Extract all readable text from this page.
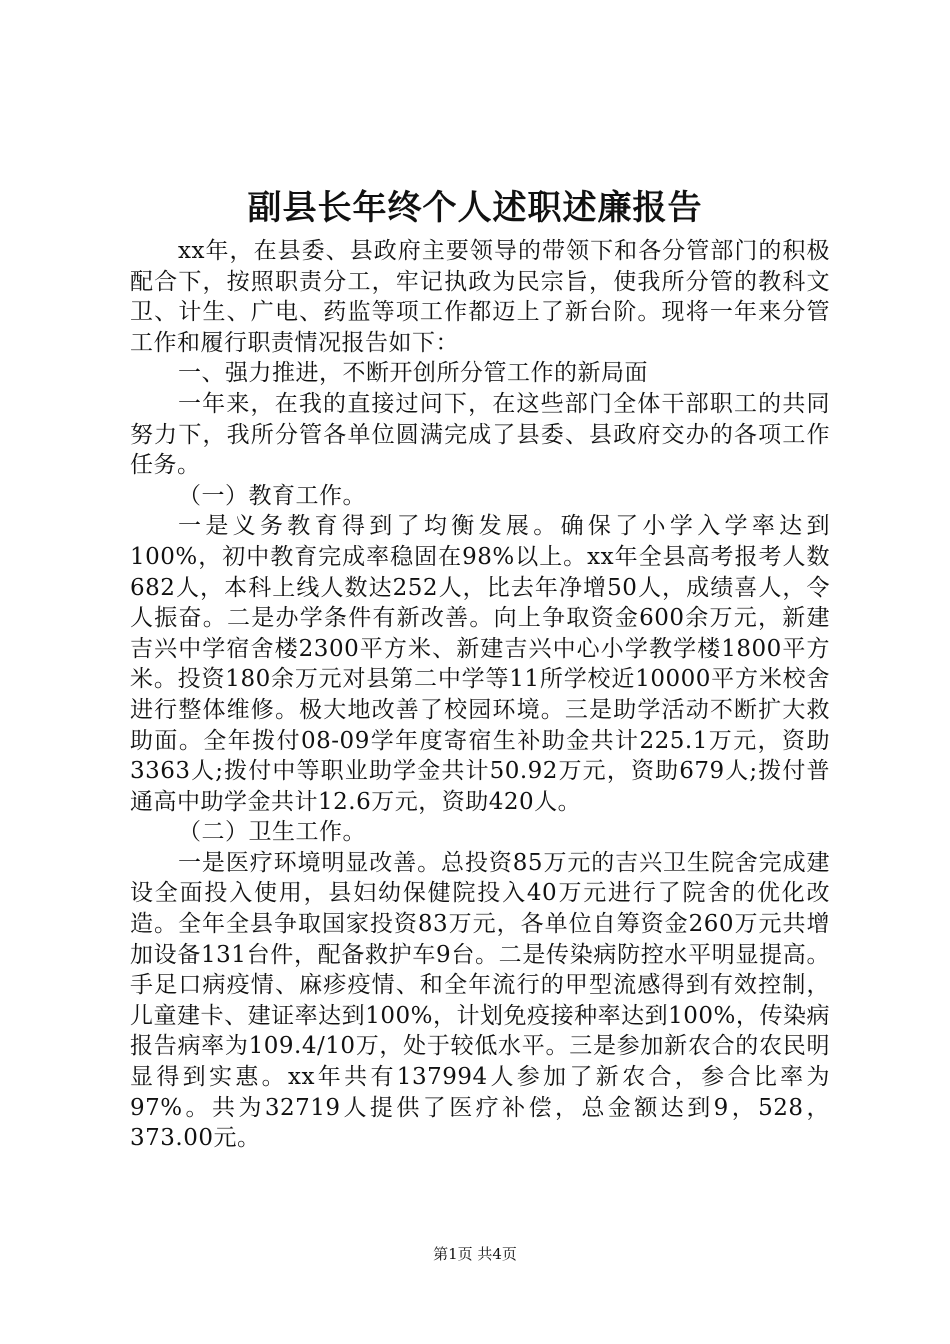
副县长年终个人述职述廉报告

xx年，在县委、县政府主要领导的带领下和各分管部门的积极配合下，按照职责分工，牢记执政为民宗旨，使我所分管的教科文卫、计生、广电、药监等项工作都迈上了新台阶。现将一年来分管工作和履行职责情况报告如下：

一、强力推进，不断开创所分管工作的新局面

一年来，在我的直接过问下，在这些部门全体干部职工的共同努力下，我所分管各单位圆满完成了县委、县政府交办的各项工作任务。

（一）教育工作。

一是义务教育得到了均衡发展。确保了小学入学率达到100%，初中教育完成率稳固在98%以上。xx年全县高考报考人数682人，本科上线人数达252人，比去年净增50人，成绩喜人，令人振奋。二是办学条件有新改善。向上争取资金600余万元，新建吉兴中学宿舍楼2300平方米、新建吉兴中心小学教学楼1800平方米。投资180余万元对县第二中学等11所学校近10000平方米校舍进行整体维修。极大地改善了校园环境。三是助学活动不断扩大救助面。全年拨付08-09学年度寄宿生补助金共计225.1万元，资助3363人;拨付中等职业助学金共计50.92万元，资助679人;拨付普通高中助学金共计12.6万元，资助420人。

（二）卫生工作。

一是医疗环境明显改善。总投资85万元的吉兴卫生院舍完成建设全面投入使用，县妇幼保健院投入40万元进行了院舍的优化改造。全年全县争取国家投资83万元，各单位自筹资金260万元共增加设备131台件，配备救护车9台。二是传染病防控水平明显提高。手足口病疫情、麻疹疫情、和全年流行的甲型流感得到有效控制，儿童建卡、建证率达到100%，计划免疫接种率达到100%，传染病报告病率为109.4/10万，处于较低水平。三是参加新农合的农民明显得到实惠。xx年共有137994人参加了新农合，参合比率为97%。共为32719人提供了医疗补偿，总金额达到9，528，373.00元。

第1页 共4页
